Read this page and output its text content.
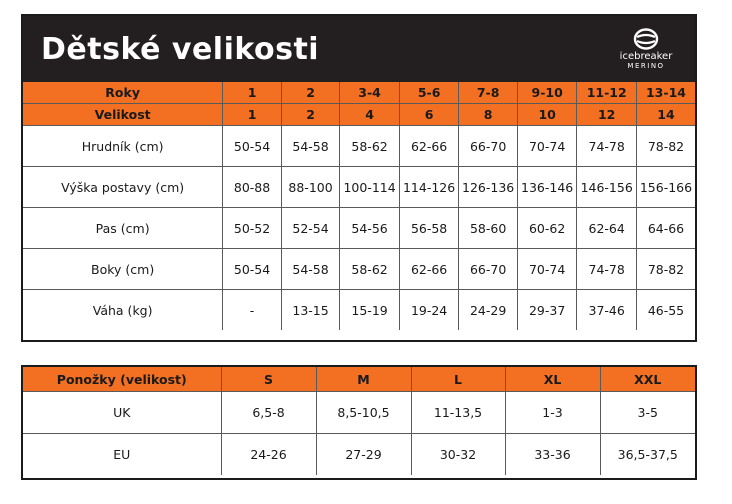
Dětské velikosti	icebreaker
MERINO
Roky	1	2	3-4	5-6	7-8	9-10	11-12	13-14
Velikost	1	2	4	6	8	10	12	14
Hrudník (cm)	50-54	54-58	58-62	62-66	66-70	70-74	74-78	78-82
Výška postavy (cm)	80-88	88-100	100-114	114-126	126-136	136-146	146-156	156-166
Pas (cm)	50-52	52-54	54-56	56-58	58-60	60-62	62-64	64-66
Boky (cm)	50-54	54-58	58-62	62-66	66-70	70-74	74-78	78-82
Váha (kg)	-	13-15	15-19	19-24	24-29	29-37	37-46	46-55
Ponožky (velikost)	S	M	L	XL	XXL
UK	6,5-8	8,5-10,5	11-13,5	1-3	3-5
EU	24-26	27-29	30-32	33-36	36,5-37,5
